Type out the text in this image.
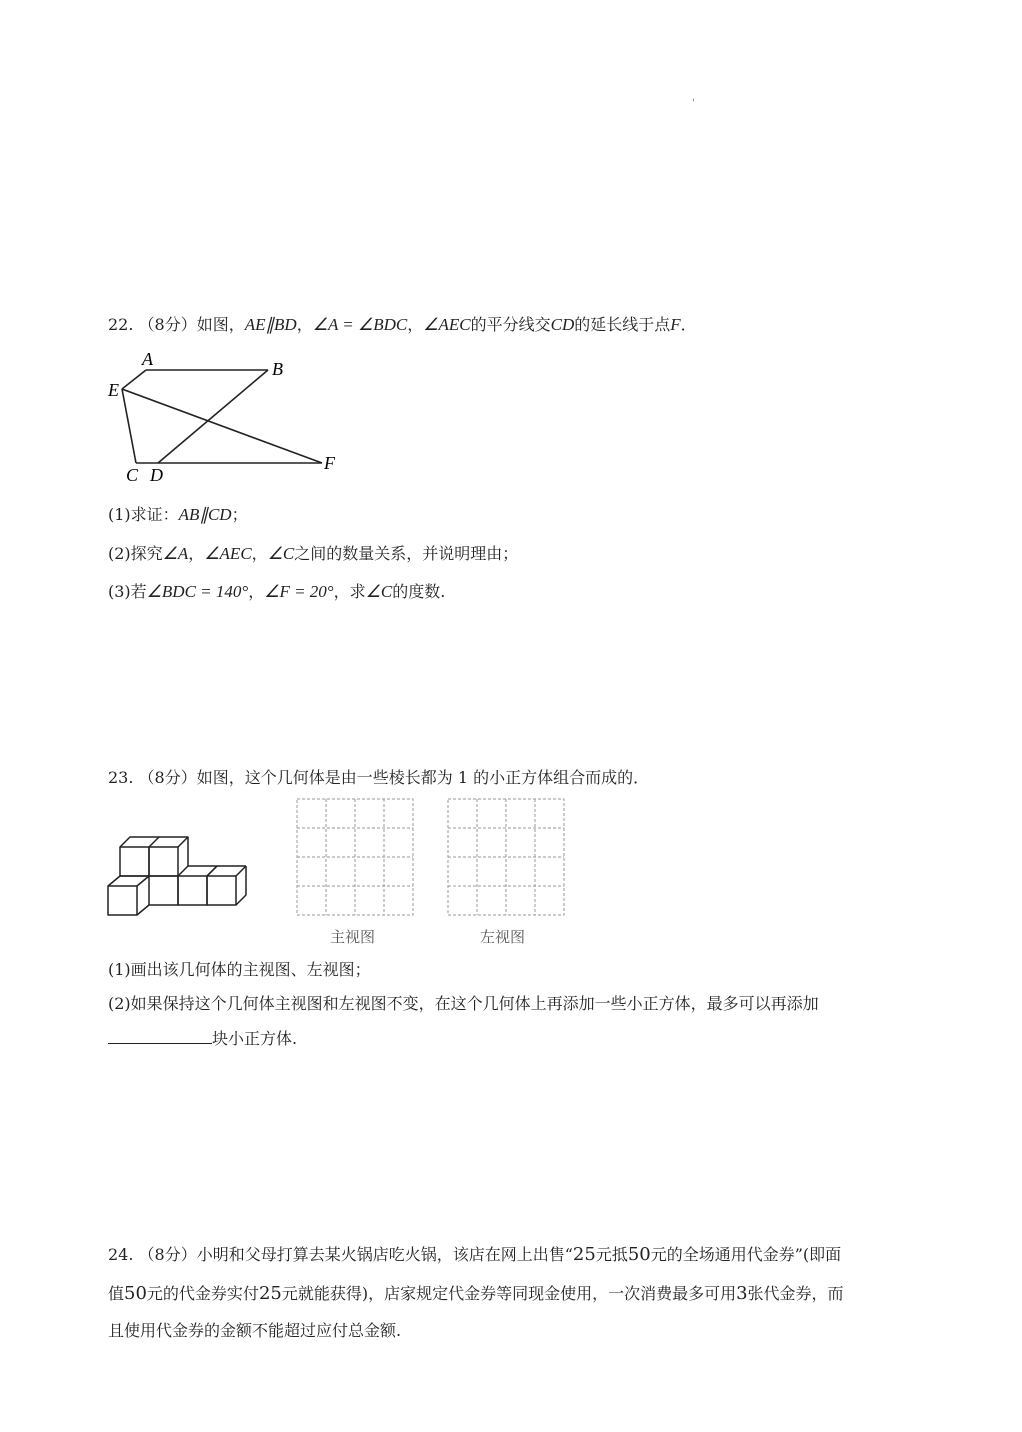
'
22. （8分）如图，AE∥BD，∠A = ∠BDC，∠AEC的平分线交CD的延长线于点F．
A	B
E
C D
F
(1)求证：AB∥CD；
(2)探究∠A，∠AEC，∠C之间的数量关系，并说明理由；
(3)若∠BDC = 140°，∠F = 20°，求∠C的度数.
23. （8分）如图，这个几何体是由一些棱长都为 1 的小正方体组合而成的．
主视图	左视图
(1)画出该几何体的主视图、左视图；
(2)如果保持这个几何体主视图和左视图不变，在这个几何体上再添加一些小正方体，最多可以再添加
块小正方体.
24. （8分）小明和父母打算去某火锅店吃火锅，该店在网上出售“25元抵50元的全场通用代金券”(即面
值50元的代金券实付25元就能获得)，店家规定代金券等同现金使用，一次消费最多可用3张代金券，而
且使用代金券的金额不能超过应付总金额.
